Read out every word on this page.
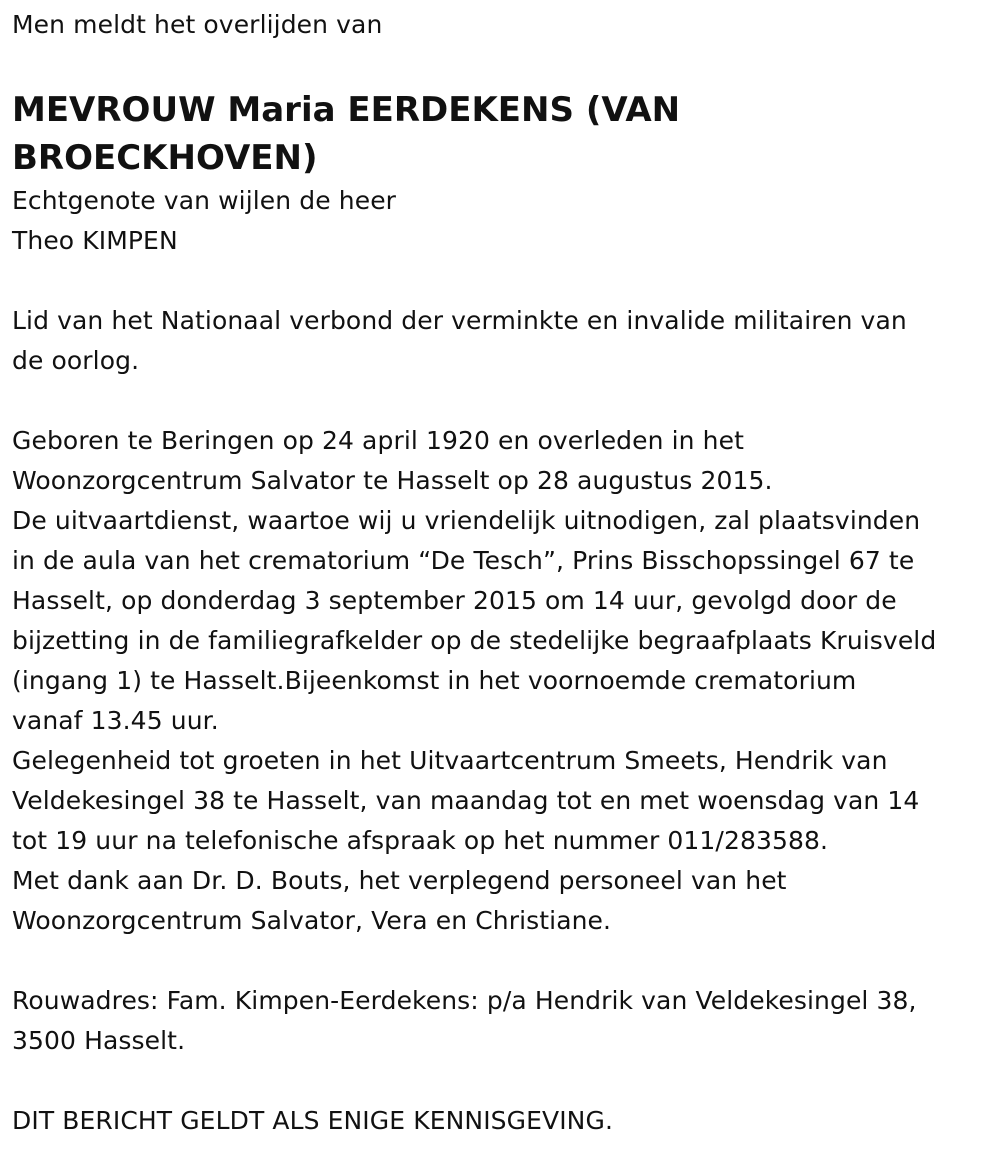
Men meldt het overlijden van
MEVROUW Maria EERDEKENS (VAN
BROECKHOVEN)
Echtgenote van wijlen de heer
Theo KIMPEN
Lid van het Nationaal verbond der verminkte en invalide militairen van
de oorlog.
Geboren te Beringen op 24 april 1920 en overleden in het
Woonzorgcentrum Salvator te Hasselt op 28 augustus 2015.
De uitvaartdienst, waartoe wij u vriendelijk uitnodigen, zal plaatsvinden
in de aula van het crematorium “De Tesch”, Prins Bisschopssingel 67 te
Hasselt, op donderdag 3 september 2015 om 14 uur, gevolgd door de
bijzetting in de familiegrafkelder op de stedelijke begraafplaats Kruisveld
(ingang 1) te Hasselt.Bijeenkomst in het voornoemde crematorium
vanaf 13.45 uur.
Gelegenheid tot groeten in het Uitvaartcentrum Smeets, Hendrik van
Veldekesingel 38 te Hasselt, van maandag tot en met woensdag van 14
tot 19 uur na telefonische afspraak op het nummer 011/283588.
Met dank aan Dr. D. Bouts, het verplegend personeel van het
Woonzorgcentrum Salvator, Vera en Christiane.
Rouwadres: Fam. Kimpen-Eerdekens: p/a Hendrik van Veldekesingel 38,
3500 Hasselt.
DIT BERICHT GELDT ALS ENIGE KENNISGEVING.
